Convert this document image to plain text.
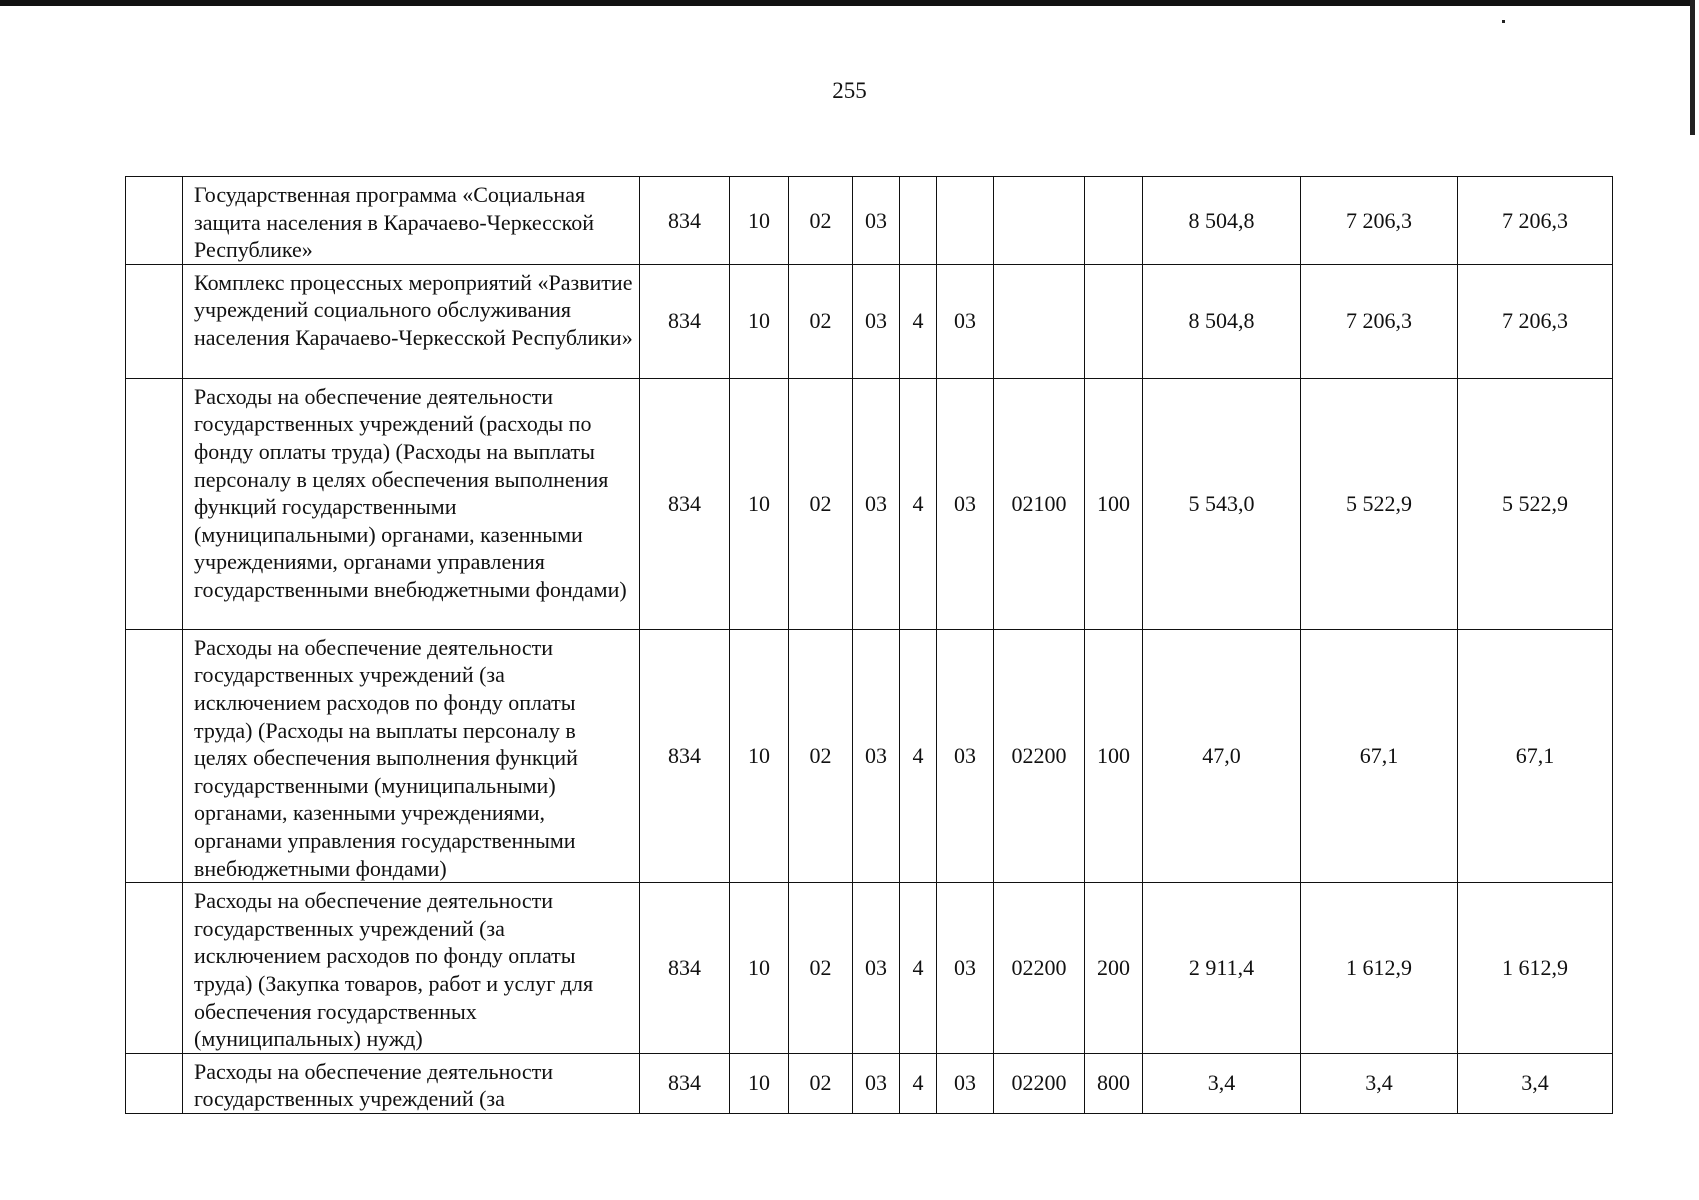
255
	Государственная программа «Социальная защита населения в Карачаево-Черкесской Республике»	834	10	02	03					8 504,8	7 206,3	7 206,3
	Комплекс процессных мероприятий «Развитие учреждений социального обслуживания населения Карачаево-Черкесской Республики»	834	10	02	03	4	03			8 504,8	7 206,3	7 206,3
	Расходы на обеспечение деятельности государственных учреждений (расходы по фонду оплаты труда) (Расходы на выплаты персоналу в целях обеспечения выполнения функций государственными (муниципальными) органами, казенными учреждениями, органами управления государственными внебюджетными фондами)	834	10	02	03	4	03	02100	100	5 543,0	5 522,9	5 522,9
	Расходы на обеспечение деятельности государственных учреждений (за исключением расходов по фонду оплаты труда) (Расходы на выплаты персоналу в целях обеспечения выполнения функций государственными (муниципальными) органами, казенными учреждениями, органами управления государственными внебюджетными фондами)	834	10	02	03	4	03	02200	100	47,0	67,1	67,1
	Расходы на обеспечение деятельности государственных учреждений (за исключением расходов по фонду оплаты труда) (Закупка товаров, работ и услуг для обеспечения государственных (муниципальных) нужд)	834	10	02	03	4	03	02200	200	2 911,4	1 612,9	1 612,9
	Расходы на обеспечение деятельности государственных учреждений (за	834	10	02	03	4	03	02200	800	3,4	3,4	3,4
